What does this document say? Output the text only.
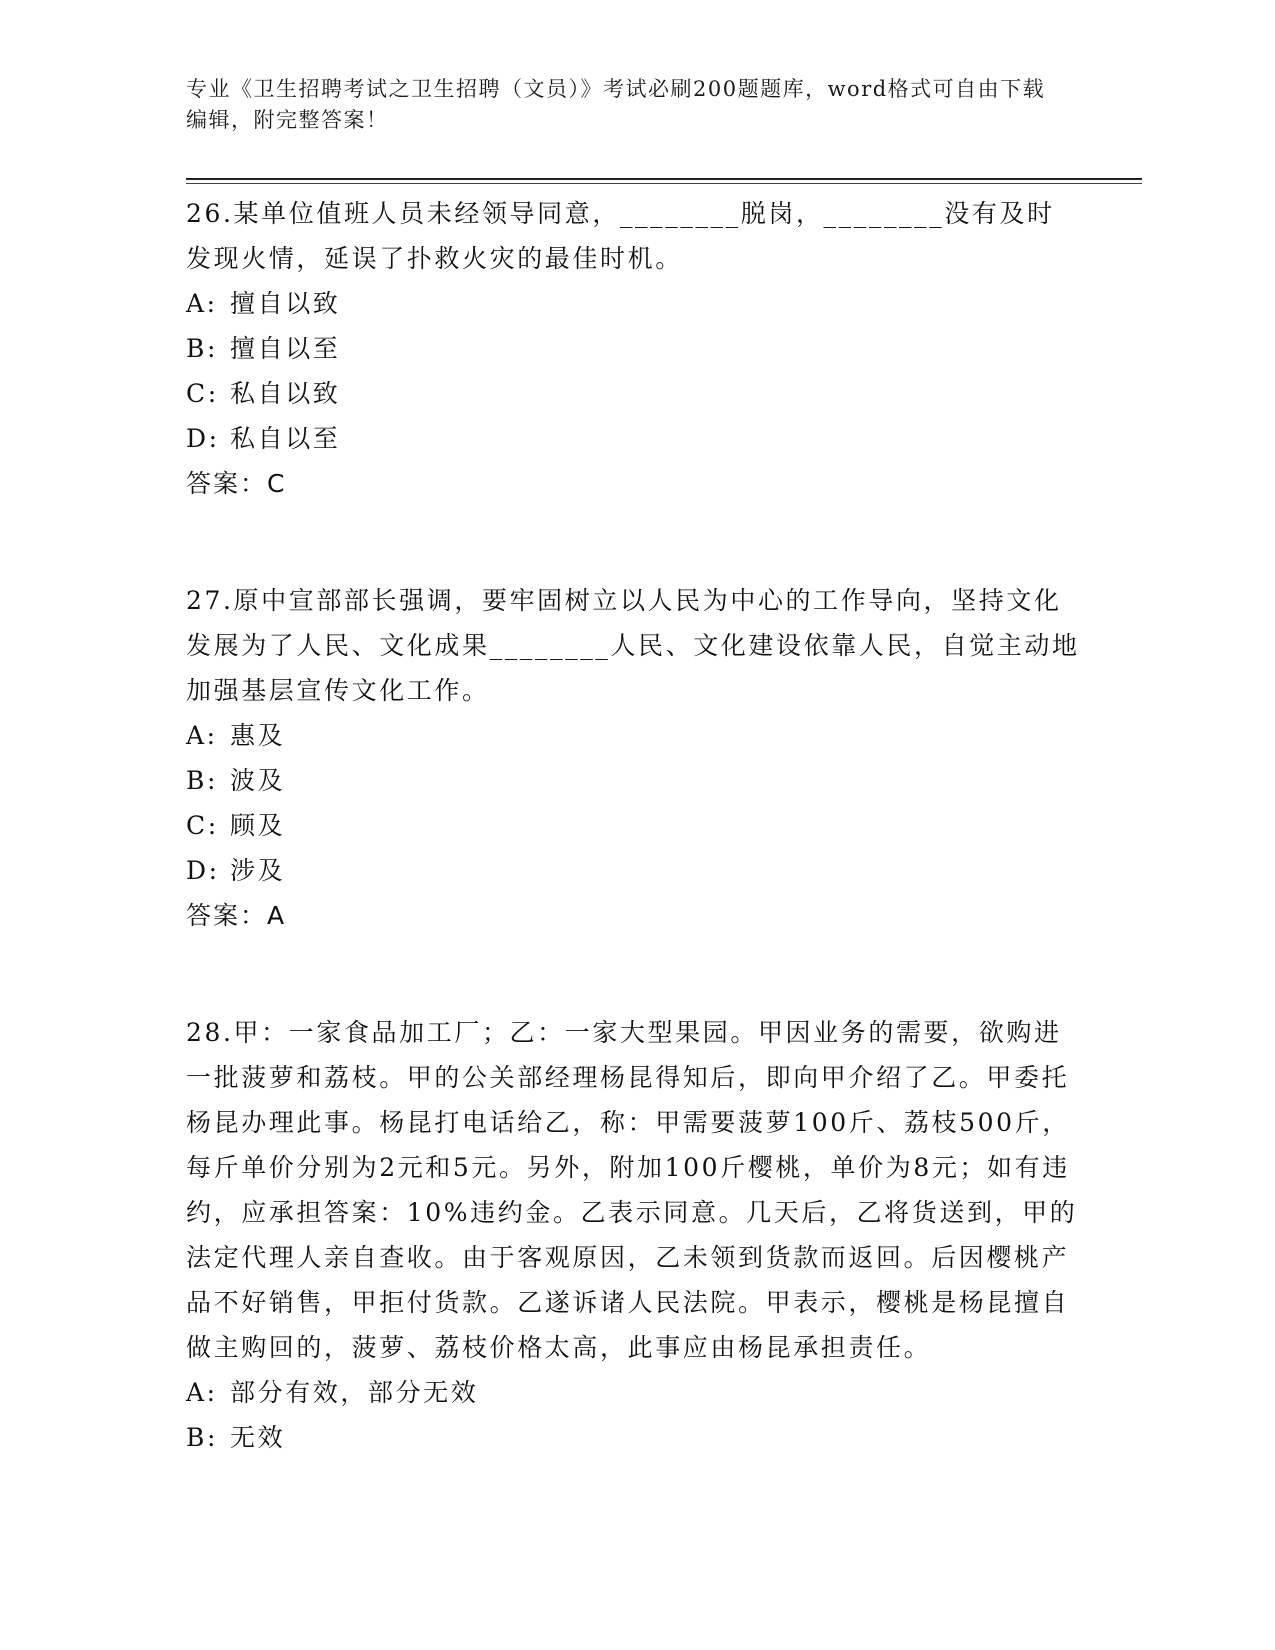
专业《卫生招聘考试之卫生招聘（文员）》考试必刷200题题库，word格式可自由下载编辑，附完整答案！

26.某单位值班人员未经领导同意，________脱岗，________没有及时发现火情，延误了扑救火灾的最佳时机。

A: 擅自以致

B: 擅自以至

C: 私自以致

D: 私自以至

答案：C

27.原中宣部部长强调，要牢固树立以人民为中心的工作导向，坚持文化发展为了人民、文化成果________人民、文化建设依靠人民，自觉主动地加强基层宣传文化工作。

A: 惠及

B: 波及

C: 顾及

D: 涉及

答案：A

28.甲：一家食品加工厂；乙：一家大型果园。甲因业务的需要，欲购进一批菠萝和荔枝。甲的公关部经理杨昆得知后，即向甲介绍了乙。甲委托杨昆办理此事。杨昆打电话给乙，称：甲需要菠萝100斤、荔枝500斤，每斤单价分别为2元和5元。另外，附加100斤樱桃，单价为8元；如有违约，应承担答案：10%违约金。乙表示同意。几天后，乙将货送到，甲的法定代理人亲自查收。由于客观原因，乙未领到货款而返回。后因樱桃产品不好销售，甲拒付货款。乙遂诉诸人民法院。甲表示，樱桃是杨昆擅自做主购回的，菠萝、荔枝价格太高，此事应由杨昆承担责任。

A: 部分有效，部分无效

B: 无效
